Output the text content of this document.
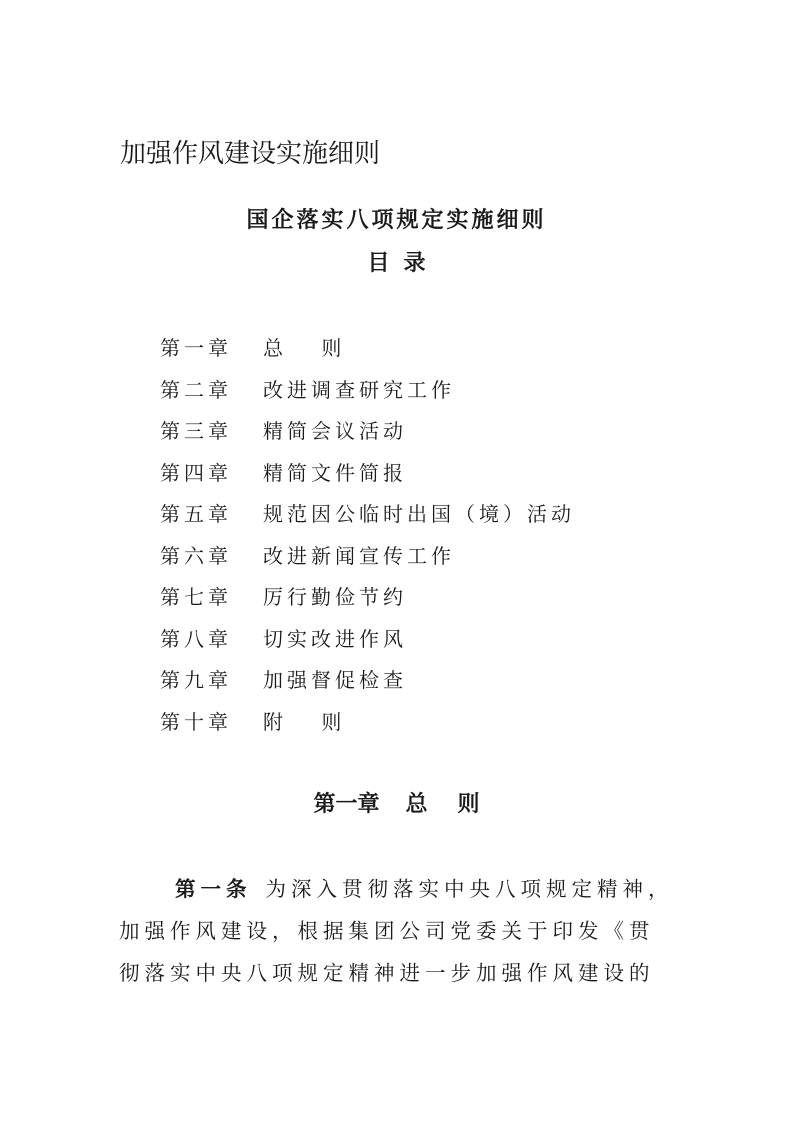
加强作风建设实施细则
国企落实八项规定实施细则
目录
第一章 总　 则
第二章 改进调查研究工作
第三章 精简会议活动
第四章 精简文件简报
第五章 规范因公临时出国（境）活动
第六章 改进新闻宣传工作
第七章 厉行勤俭节约
第八章 切实改进作风
第九章 加强督促检查
第十章 附　 则
第一章 总 则
第一条 为深入贯彻落实中央八项规定精神，
加强作风建设，根据集团公司党委关于印发《贯
彻落实中央八项规定精神进一步加强作风建设的
